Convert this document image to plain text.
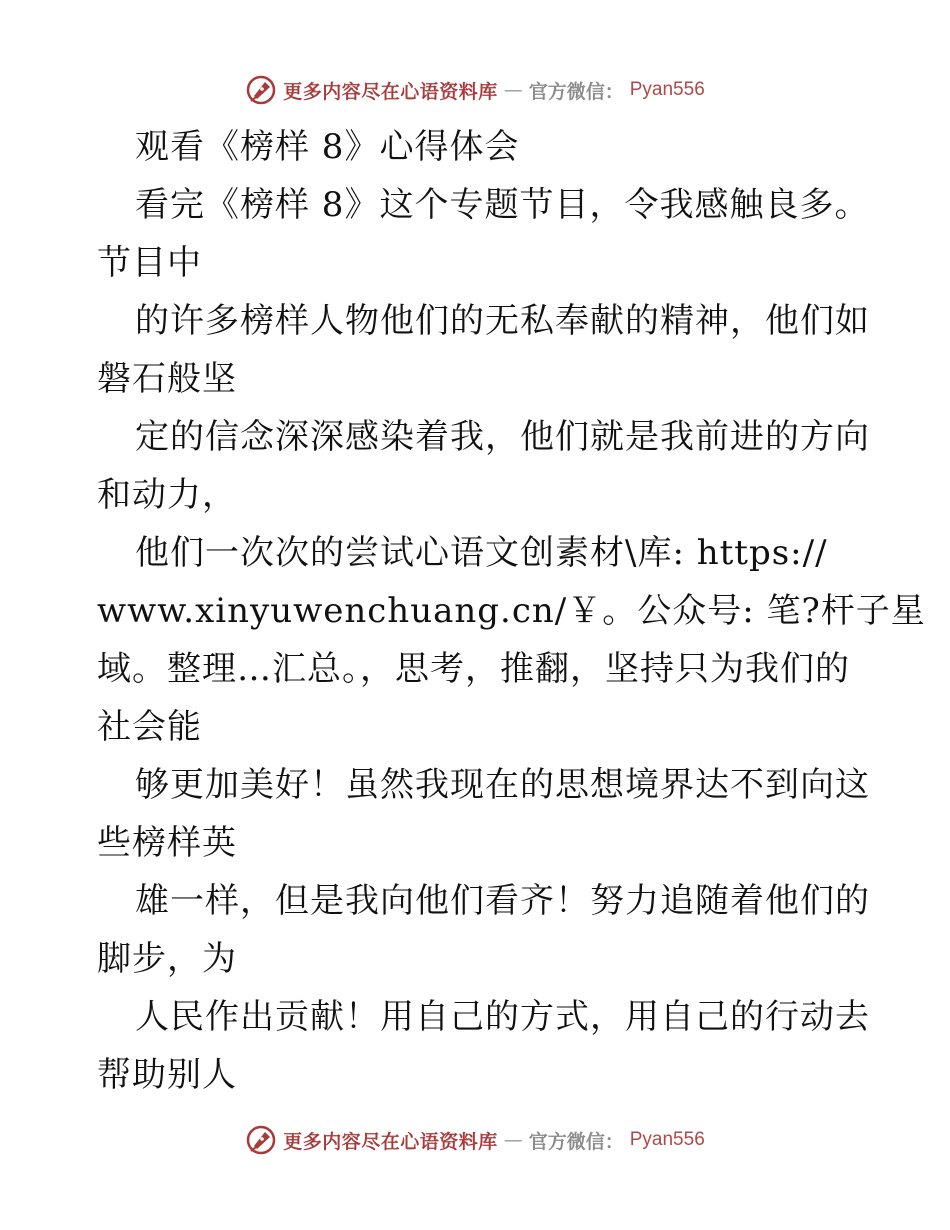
更多内容尽在心语资料库 — 官方微信： Pyan556
观看《榜样 8》心得体会
看完《榜样 8》这个专题节目，令我感触良多。
节目中
的许多榜样人物他们的无私奉献的精神，他们如
磐石般坚
定的信念深深感染着我，他们就是我前进的方向
和动力，
他们一次次的尝试心语文创素材\库: https://
www.xinyuwenchuang.cn/￥。公众号: 笔?杆子星
域。整理…汇总。，思考，推翻，坚持只为我们的
社会能
够更加美好！虽然我现在的思想境界达不到向这
些榜样英
雄一样，但是我向他们看齐！努力追随着他们的
脚步，为
人民作出贡献！用自己的方式，用自己的行动去
帮助别人
更多内容尽在心语资料库 — 官方微信： Pyan556
